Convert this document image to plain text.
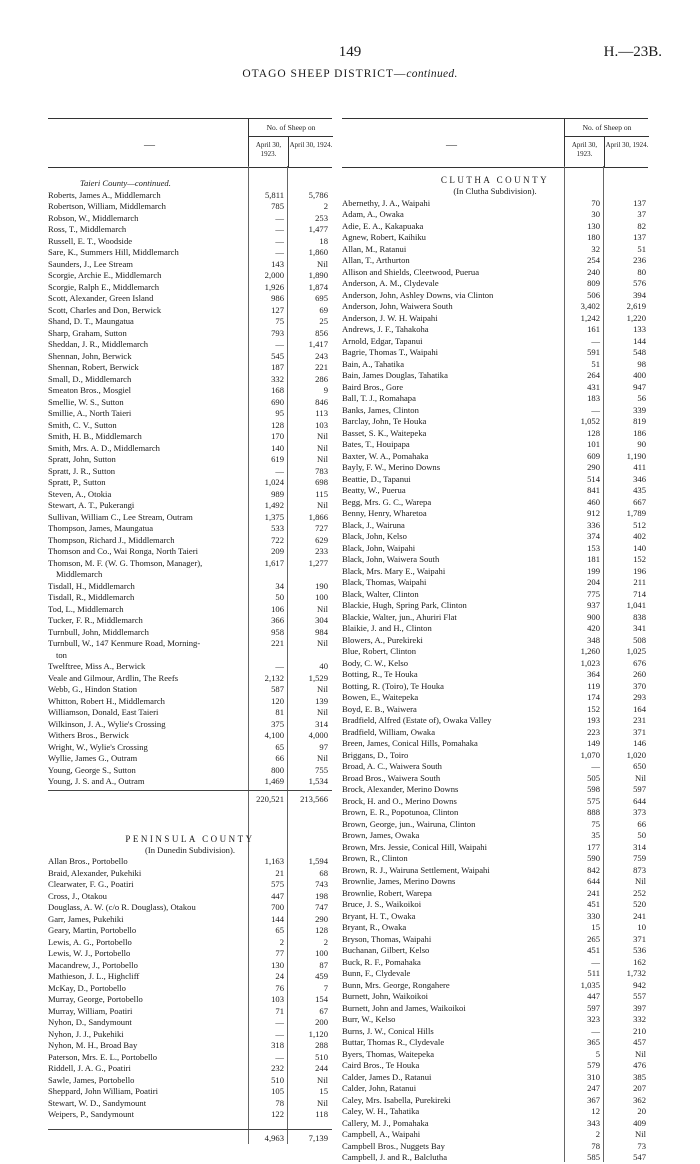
149	H.—23B.
OTAGO SHEEP DISTRICT—continued.
—
No. of Sheep on
April 30, 1923.
April 30, 1924.
Taieri County—continued.
Roberts, James A., Middlemarch	5,811	5,786
Robertson, William, Middlemarch	785	2
Robson, W., Middlemarch	—	253
Ross, T., Middlemarch	—	1,477
Russell, E. T., Woodside	—	18
Sare, K., Summers Hill, Middlemarch	—	1,860
Saunders, J., Lee Stream	143	Nil
Scorgie, Archie E., Middlemarch	2,000	1,890
Scorgie, Ralph E., Middlemarch	1,926	1,874
Scott, Alexander, Green Island	986	695
Scott, Charles and Don, Berwick	127	69
Shand, D. T., Maungatua	75	25
Sharp, Graham, Sutton	793	856
Sheddan, J. R., Middlemarch	—	1,417
Shennan, John, Berwick	545	243
Shennan, Robert, Berwick	187	221
Small, D., Middlemarch	332	286
Smeaton Bros., Mosgiel	168	9
Smellie, W. S., Sutton	690	846
Smillie, A., North Taieri	95	113
Smith, C. V., Sutton	128	103
Smith, H. B., Middlemarch	170	Nil
Smith, Mrs. A. D., Middlemarch	140	Nil
Spratt, John, Sutton	619	Nil
Spratt, J. R., Sutton	—	783
Spratt, P., Sutton	1,024	698
Steven, A., Otokia	989	115
Stewart, A. T., Pukerangi	1,492	Nil
Sullivan, William C., Lee Stream, Outram	1,375	1,866
Thompson, James, Maungatua	533	727
Thompson, Richard J., Middlemarch	722	629
Thomson and Co., Wai Ronga, North Taieri	209	233
Thomson, M. F. (W. G. Thomson, Manager),	1,617	1,277
Middlemarch
Tisdall, H., Middlemarch	34	190
Tisdall, R., Middlemarch	50	100
Tod, L., Middlemarch	106	Nil
Tucker, F. R., Middlemarch	366	304
Turnbull, John, Middlemarch	958	984
Turnbull, W., 147 Kenmure Road, Morning-	221	Nil
ton
Twelftree, Miss A., Berwick	—	40
Veale and Gilmour, Ardlin, The Reefs	2,132	1,529
Webb, G., Hindon Station	587	Nil
Whitton, Robert H., Middlemarch	120	139
Williamson, Donald, East Taieri	81	Nil
Wilkinson, J. A., Wylie's Crossing	375	314
Withers Bros., Berwick	4,100	4,000
Wright, W., Wylie's Crossing	65	97
Wyllie, James G., Outram	66	Nil
Young, George S., Sutton	800	755
Young, J. S. and A., Outram	1,469	1,534
220,521	213,566
PENINSULA COUNTY
(In Dunedin Subdivision).
Allan Bros., Portobello	1,163	1,594
Braid, Alexander, Pukehiki	21	68
Clearwater, F. G., Poatiri	575	743
Cross, J., Otakou	447	198
Douglass, A. W. (c/o R. Douglass), Otakou	700	747
Garr, James, Pukehiki	144	290
Geary, Martin, Portobello	65	128
Lewis, A. G., Portobello	2	2
Lewis, W. J., Portobello	77	100
Macandrew, J., Portobello	130	87
Mathieson, J. L., Highcliff	24	459
McKay, D., Portobello	76	7
Murray, George, Portobello	103	154
Murray, William, Poatiri	71	67
Nyhon, D., Sandymount	—	200
Nyhon, J. J., Pukehiki	—	1,120
Nyhon, M. H., Broad Bay	318	288
Paterson, Mrs. E. L., Portobello	—	510
Riddell, J. A. G., Poatiri	232	244
Sawle, James, Portobello	510	Nil
Sheppard, John William, Poatiri	105	15
Stewart, W. D., Sandymount	78	Nil
Weipers, P., Sandymount	122	118
4,963	7,139
—
No. of Sheep on
April 30, 1923.
April 30, 1924.
CLUTHA COUNTY
(In Clutha Subdivision).
Abernethy, J. A., Waipahi	70	137
Adam, A., Owaka	30	37
Adie, E. A., Kakapuaka	130	82
Agnew, Robert, Kaihiku	180	137
Allan, M., Ratanui	32	51
Allan, T., Arthurton	254	236
Allison and Shields, Cleetwood, Puerua	240	80
Anderson, A. M., Clydevale	809	576
Anderson, John, Ashley Downs, via Clinton	506	394
Anderson, John, Waiwera South	3,402	2,619
Anderson, J. W. H. Waipahi	1,242	1,220
Andrews, J. F., Tahakoha	161	133
Arnold, Edgar, Tapanui	—	144
Bagrie, Thomas T., Waipahi	591	548
Bain, A., Tahatika	51	98
Bain, James Douglas, Tahatika	264	400
Baird Bros., Gore	431	947
Ball, T. J., Romahapa	183	56
Banks, James, Clinton	—	339
Barclay, John, Te Houka	1,052	819
Basset, S. K., Waitepeka	128	186
Bates, T., Houipapa	101	90
Baxter, W. A., Pomahaka	609	1,190
Bayly, F. W., Merino Downs	290	411
Beattie, D., Tapanui	514	346
Beatty, W., Puerua	841	435
Begg, Mrs. G. C., Warepa	460	667
Benny, Henry, Wharetoa	912	1,789
Black, J., Wairuna	336	512
Black, John, Kelso	374	402
Black, John, Waipahi	153	140
Black, John, Waiwera South	181	152
Black, Mrs. Mary E., Waipahi	199	196
Black, Thomas, Waipahi	204	211
Black, Walter, Clinton	775	714
Blackie, Hugh, Spring Park, Clinton	937	1,041
Blackie, Walter, jun., Ahuriri Flat	900	838
Blaikie, J. and H., Clinton	420	341
Blowers, A., Purekireki	348	508
Blue, Robert, Clinton	1,260	1,025
Body, C. W., Kelso	1,023	676
Botting, R., Te Houka	364	260
Botting, R. (Toiro), Te Houka	119	370
Bowen, E., Waitepeka	174	293
Boyd, E. B., Waiwera	152	164
Bradfield, Alfred (Estate of), Owaka Valley	193	231
Bradfield, William, Owaka	223	371
Breen, James, Conical Hills, Pomahaka	149	146
Briggans, D., Toiro	1,070	1,020
Broad, A. C., Waiwera South	—	650
Broad Bros., Waiwera South	505	Nil
Brock, Alexander, Merino Downs	598	597
Brock, H. and O., Merino Downs	575	644
Brown, E. R., Popotunoa, Clinton	888	373
Brown, George, jun., Wairuna, Clinton	75	66
Brown, James, Owaka	35	50
Brown, Mrs. Jessie, Conical Hill, Waipahi	177	314
Brown, R., Clinton	590	759
Brown, R. J., Wairuna Settlement, Waipahi	842	873
Brownlie, James, Merino Downs	644	Nil
Brownlie, Robert, Warepa	241	252
Bruce, J. S., Waikoikoi	451	520
Bryant, H. T., Owaka	330	241
Bryant, R., Owaka	15	10
Bryson, Thomas, Waipahi	265	371
Buchanan, Gilbert, Kelso	451	536
Buck, R. F., Pomahaka	—	162
Bunn, F., Clydevale	511	1,732
Bunn, Mrs. George, Rongahere	1,035	942
Burnett, John, Waikoikoi	447	557
Burnett, John and James, Waikoikoi	597	397
Burr, W., Kelso	323	332
Burns, J. W., Conical Hills	—	210
Buttar, Thomas R., Clydevale	365	457
Byers, Thomas, Waitepeka	5	Nil
Caird Bros., Te Houka	579	476
Calder, James D., Ratanui	310	385
Calder, John, Ratanui	247	207
Caley, Mrs. Isabella, Purekireki	367	362
Caley, W. H., Tahatika	12	20
Callery, M. J., Pomahaka	343	409
Campbell, A., Waipahi	2	Nil
Campbell Bros., Nuggets Bay	78	73
Campbell, J. and R., Balclutha	585	547
